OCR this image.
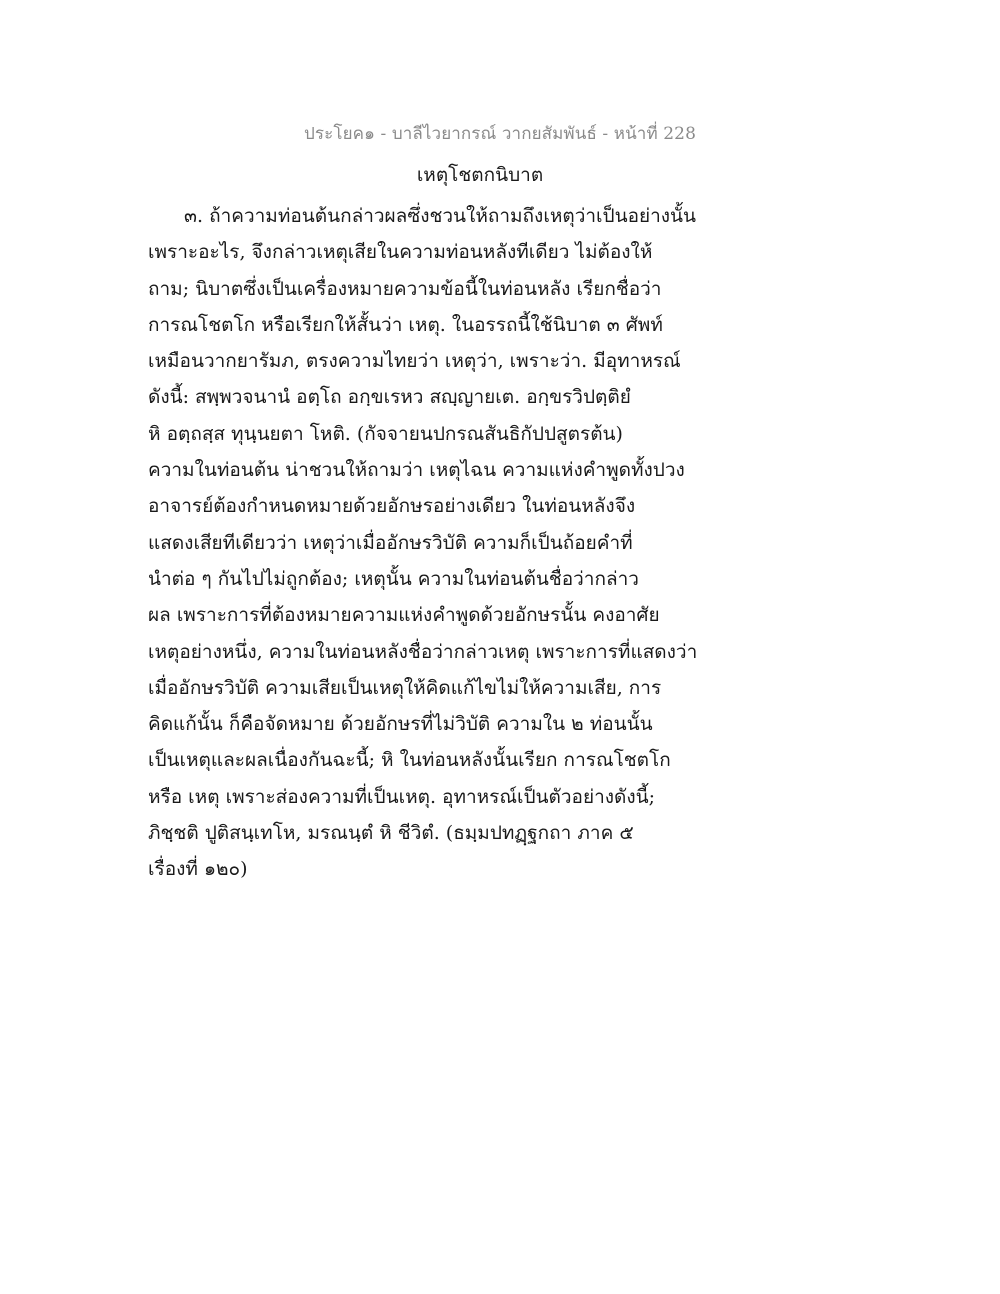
ประโยค๑ - บาลีไวยากรณ์ วากยสัมพันธ์ - หน้าที่ 228
เหตุโชตกนิบาต
๓. ถ้าความท่อนต้นกล่าวผลซึ่งชวนให้ถามถึงเหตุว่าเป็นอย่างนั้น
เพราะอะไร, จึงกล่าวเหตุเสียในความท่อนหลังทีเดียว ไม่ต้องให้
ถาม; นิบาตซึ่งเป็นเครื่องหมายความข้อนี้ในท่อนหลัง เรียกชื่อว่า
การณโชตโก หรือเรียกให้สั้นว่า เหตุ. ในอรรถนี้ใช้นิบาต ๓ ศัพท์
เหมือนวากยารัมภ, ตรงความไทยว่า เหตุว่า, เพราะว่า. มีอุทาหรณ์
ดังนี้: สพฺพวจนานํ อตฺโถ อกฺขเรหว สญฺญายเต. อกฺขรวิปตฺติยํ
หิ อตฺถสฺส ทุนฺนยตา โหติ. (กัจจายนปกรณสันธิกัปปสูตรต้น)
ความในท่อนต้น น่าชวนให้ถามว่า เหตุไฉน ความแห่งคำพูดทั้งปวง
อาจารย์ต้องกำหนดหมายด้วยอักษรอย่างเดียว ในท่อนหลังจึง
แสดงเสียทีเดียวว่า เหตุว่าเมื่ออักษรวิบัติ ความก็เป็นถ้อยคำที่
นำต่อ ๆ กันไปไม่ถูกต้อง; เหตุนั้น ความในท่อนต้นชื่อว่ากล่าว
ผล เพราะการที่ต้องหมายความแห่งคำพูดด้วยอักษรนั้น คงอาศัย
เหตุอย่างหนึ่ง, ความในท่อนหลังชื่อว่ากล่าวเหตุ เพราะการที่แสดงว่า
เมื่ออักษรวิบัติ ความเสียเป็นเหตุให้คิดแก้ไขไม่ให้ความเสีย, การ
คิดแก้นั้น ก็คือจัดหมาย ด้วยอักษรที่ไม่วิบัติ ความใน ๒ ท่อนนั้น
เป็นเหตุและผลเนื่องกันฉะนี้; หิ ในท่อนหลังนั้นเรียก การณโชตโก
หรือ เหตุ เพราะส่องความที่เป็นเหตุ. อุทาหรณ์เป็นตัวอย่างดังนี้;
ภิชฺชติ ปูติสนฺเทโห, มรณนฺตํ หิ ชีวิตํ. (ธมฺมปทฏฺฐกถา ภาค ๕
เรื่องที่ ๑๒๐)
